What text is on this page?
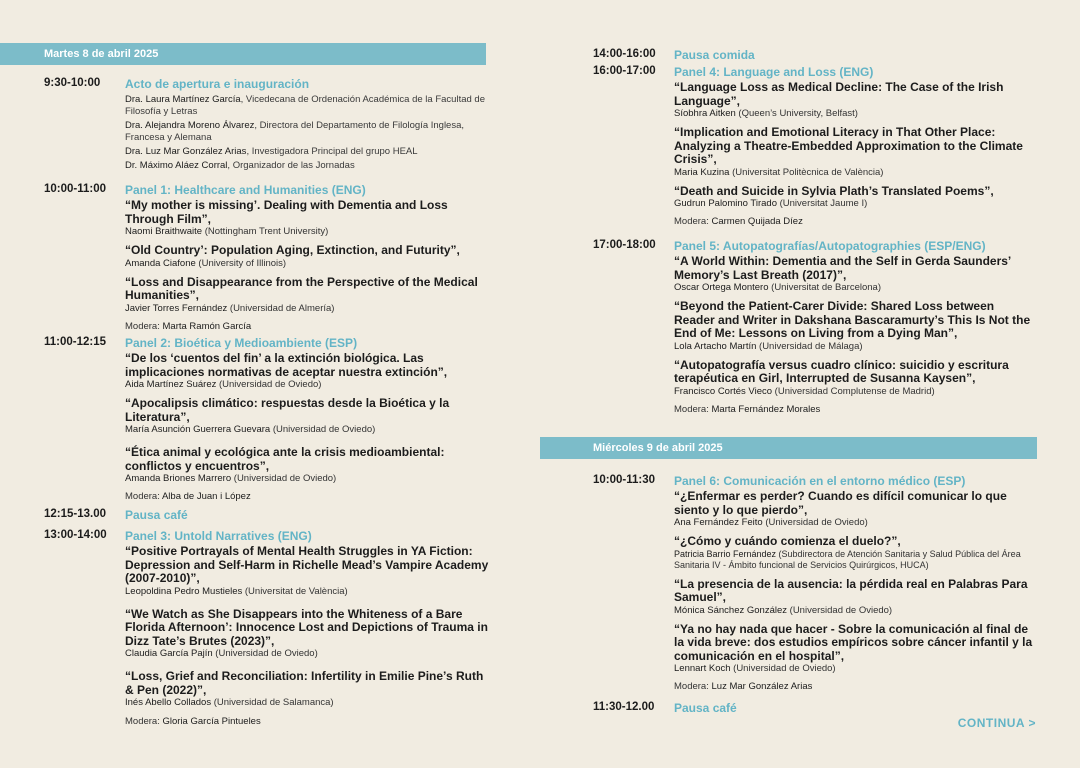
Martes 8 de abril 2025
9:30-10:00 Acto de apertura e inauguración
Dra. Laura Martínez García, Vicedecana de Ordenación Académica de la Facultad de Filosofía y Letras
Dra. Alejandra Moreno Álvarez, Directora del Departamento de Filología Inglesa, Francesa y Alemana
Dra. Luz Mar González Arias, Investigadora Principal del grupo HEAL
Dr. Máximo Aláez Corral, Organizador de las Jornadas
10:00-11:00 Panel 1: Healthcare and Humanities (ENG)
“My mother is missing’. Dealing with Dementia and Loss Through Film”,
Naomi Braithwaite (Nottingham Trent University)
“Old Country’: Population Aging, Extinction, and Futurity”,
Amanda Ciafone (University of Illinois)
“Loss and Disappearance from the Perspective of the Medical Humanities”,
Javier Torres Fernández (Universidad de Almería)
Modera: Marta Ramón García
11:00-12:15 Panel 2: Bioética y Medioambiente (ESP)
“De los ‘cuentos del fin’ a la extinción biológica. Las implicaciones normativas de aceptar nuestra extinción”,
Aida Martínez Suárez (Universidad de Oviedo)
“Apocalipsis climático: respuestas desde la Bioética y la Literatura”,
María Asunción Guerrera Guevara (Universidad de Oviedo)
“Ética animal y ecológica ante la crisis medioambiental: conflictos y encuentros”,
Amanda Briones Marrero (Universidad de Oviedo)
Modera: Alba de Juan i López
12:15-13.00 Pausa café
13:00-14:00 Panel 3: Untold Narratives (ENG)
“Positive Portrayals of Mental Health Struggles in YA Fiction: Depression and Self-Harm in Richelle Mead’s Vampire Academy (2007-2010)”,
Leopoldina Pedro Mustieles (Universitat de València)
“We Watch as She Disappears into the Whiteness of a Bare Florida Afternoon’: Innocence Lost and Depictions of Trauma in Dizz Tate’s Brutes (2023)”,
Claudia García Pajín (Universidad de Oviedo)
“Loss, Grief and Reconciliation: Infertility in Emilie Pine’s Ruth & Pen (2022)”,
Inés Abello Collados (Universidad de Salamanca)
Modera: Gloria García Pintueles
14:00-16:00 Pausa comida
16:00-17:00 Panel 4: Language and Loss (ENG)
“Language Loss as Medical Decline: The Case of the Irish Language”,
Síobhra Aitken (Queen’s University, Belfast)
“Implication and Emotional Literacy in That Other Place: Analyzing a Theatre-Embedded Approximation to the Climate Crisis”,
Maria Kuzina (Universitat Politècnica de València)
“Death and Suicide in Sylvia Plath’s Translated Poems”,
Gudrun Palomino Tirado (Universitat Jaume I)
Modera: Carmen Quijada Díez
17:00-18:00 Panel 5: Autopatografías/Autopatographies (ESP/ENG)
“A World Within: Dementia and the Self in Gerda Saunders’ Memory’s Last Breath (2017)”,
Oscar Ortega Montero (Universitat de Barcelona)
“Beyond the Patient-Carer Divide: Shared Loss between Reader and Writer in Dakshana Bascaramurty’s This Is Not the End of Me: Lessons on Living from a Dying Man”,
Lola Artacho Martín (Universidad de Málaga)
“Autopatografía versus cuadro clínico: suicidio y escritura terapéutica en Girl, Interrupted de Susanna Kaysen”,
Francisco Cortés Vieco (Universidad Complutense de Madrid)
Modera: Marta Fernández Morales
Miércoles 9 de abril 2025
10:00-11:30 Panel 6: Comunicación en el entorno médico (ESP)
“¿Enfermar es perder? Cuando es difícil comunicar lo que siento y lo que pierdo”,
Ana Fernández Feito (Universidad de Oviedo)
“¿Cómo y cuándo comienza el duelo?”,
Patricia Barrio Fernández (Subdirectora de Atención Sanitaria y Salud Pública del Área Sanitaria IV - Ámbito funcional de Servicios Quirúrgicos, HUCA)
“La presencia de la ausencia: la pérdida real en Palabras Para Samuel”,
Mónica Sánchez González (Universidad de Oviedo)
“Ya no hay nada que hacer - Sobre la comunicación al final de la vida breve: dos estudios empíricos sobre cáncer infantil y la comunicación en el hospital”,
Lennart Koch (Universidad de Oviedo)
Modera: Luz Mar González Arias
11:30-12.00 Pausa café
CONTINUA >
